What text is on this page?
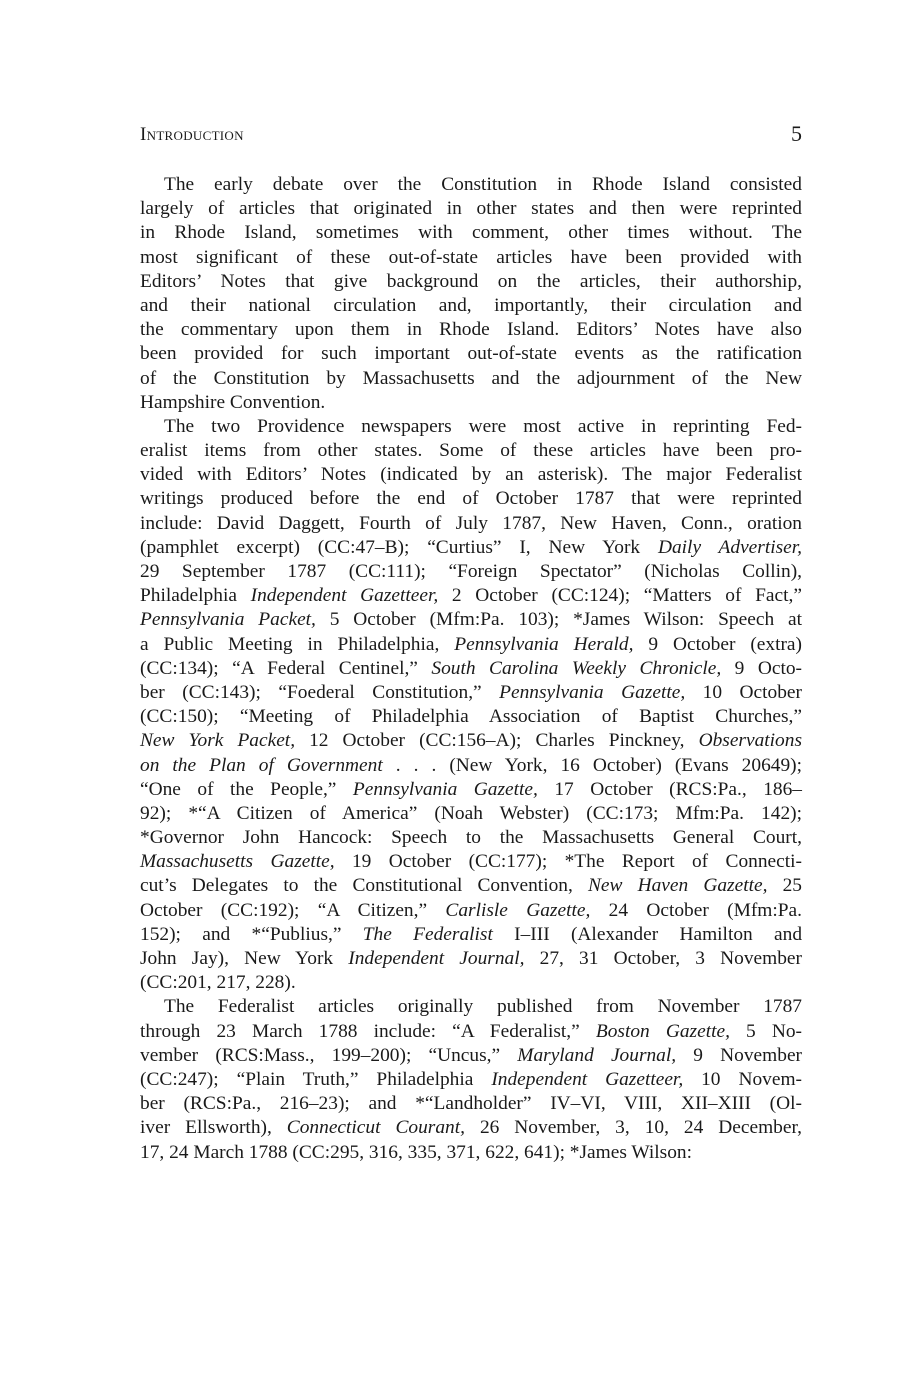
Introduction	5
The early debate over the Constitution in Rhode Island consisted
largely of articles that originated in other states and then were reprinted
in Rhode Island, sometimes with comment, other times without. The
most significant of these out-of-state articles have been provided with
Editors’ Notes that give background on the articles, their authorship,
and their national circulation and, importantly, their circulation and
the commentary upon them in Rhode Island. Editors’ Notes have also
been provided for such important out-of-state events as the ratification
of the Constitution by Massachusetts and the adjournment of the New
Hampshire Convention.
The two Providence newspapers were most active in reprinting Fed-
eralist items from other states. Some of these articles have been pro-
vided with Editors’ Notes (indicated by an asterisk). The major Federalist
writings produced before the end of October 1787 that were reprinted
include: David Daggett, Fourth of July 1787, New Haven, Conn., oration
(pamphlet excerpt) (CC:47–B); “Curtius” I, New York Daily Advertiser,
29 September 1787 (CC:111); “Foreign Spectator” (Nicholas Collin),
Philadelphia Independent Gazetteer, 2 October (CC:124); “Matters of Fact,”
Pennsylvania Packet, 5 October (Mfm:Pa. 103); *James Wilson: Speech at
a Public Meeting in Philadelphia, Pennsylvania Herald, 9 October (extra)
(CC:134); “A Federal Centinel,” South Carolina Weekly Chronicle, 9 Octo-
ber (CC:143); “Foederal Constitution,” Pennsylvania Gazette, 10 October
(CC:150); “Meeting of Philadelphia Association of Baptist Churches,”
New York Packet, 12 October (CC:156–A); Charles Pinckney, Observations
on the Plan of Government . . . (New York, 16 October) (Evans 20649);
“One of the People,” Pennsylvania Gazette, 17 October (RCS:Pa., 186–
92); *“A Citizen of America” (Noah Webster) (CC:173; Mfm:Pa. 142);
*Governor John Hancock: Speech to the Massachusetts General Court,
Massachusetts Gazette, 19 October (CC:177); *The Report of Connecti-
cut’s Delegates to the Constitutional Convention, New Haven Gazette, 25
October (CC:192); “A Citizen,” Carlisle Gazette, 24 October (Mfm:Pa.
152); and *“Publius,” The Federalist I–III (Alexander Hamilton and
John Jay), New York Independent Journal, 27, 31 October, 3 November
(CC:201, 217, 228).
The Federalist articles originally published from November 1787
through 23 March 1788 include: “A Federalist,” Boston Gazette, 5 No-
vember (RCS:Mass., 199–200); “Uncus,” Maryland Journal, 9 November
(CC:247); “Plain Truth,” Philadelphia Independent Gazetteer, 10 Novem-
ber (RCS:Pa., 216–23); and *“Landholder” IV–VI, VIII, XII–XIII (Ol-
iver Ellsworth), Connecticut Courant, 26 November, 3, 10, 24 December,
17, 24 March 1788 (CC:295, 316, 335, 371, 622, 641); *James Wilson:
